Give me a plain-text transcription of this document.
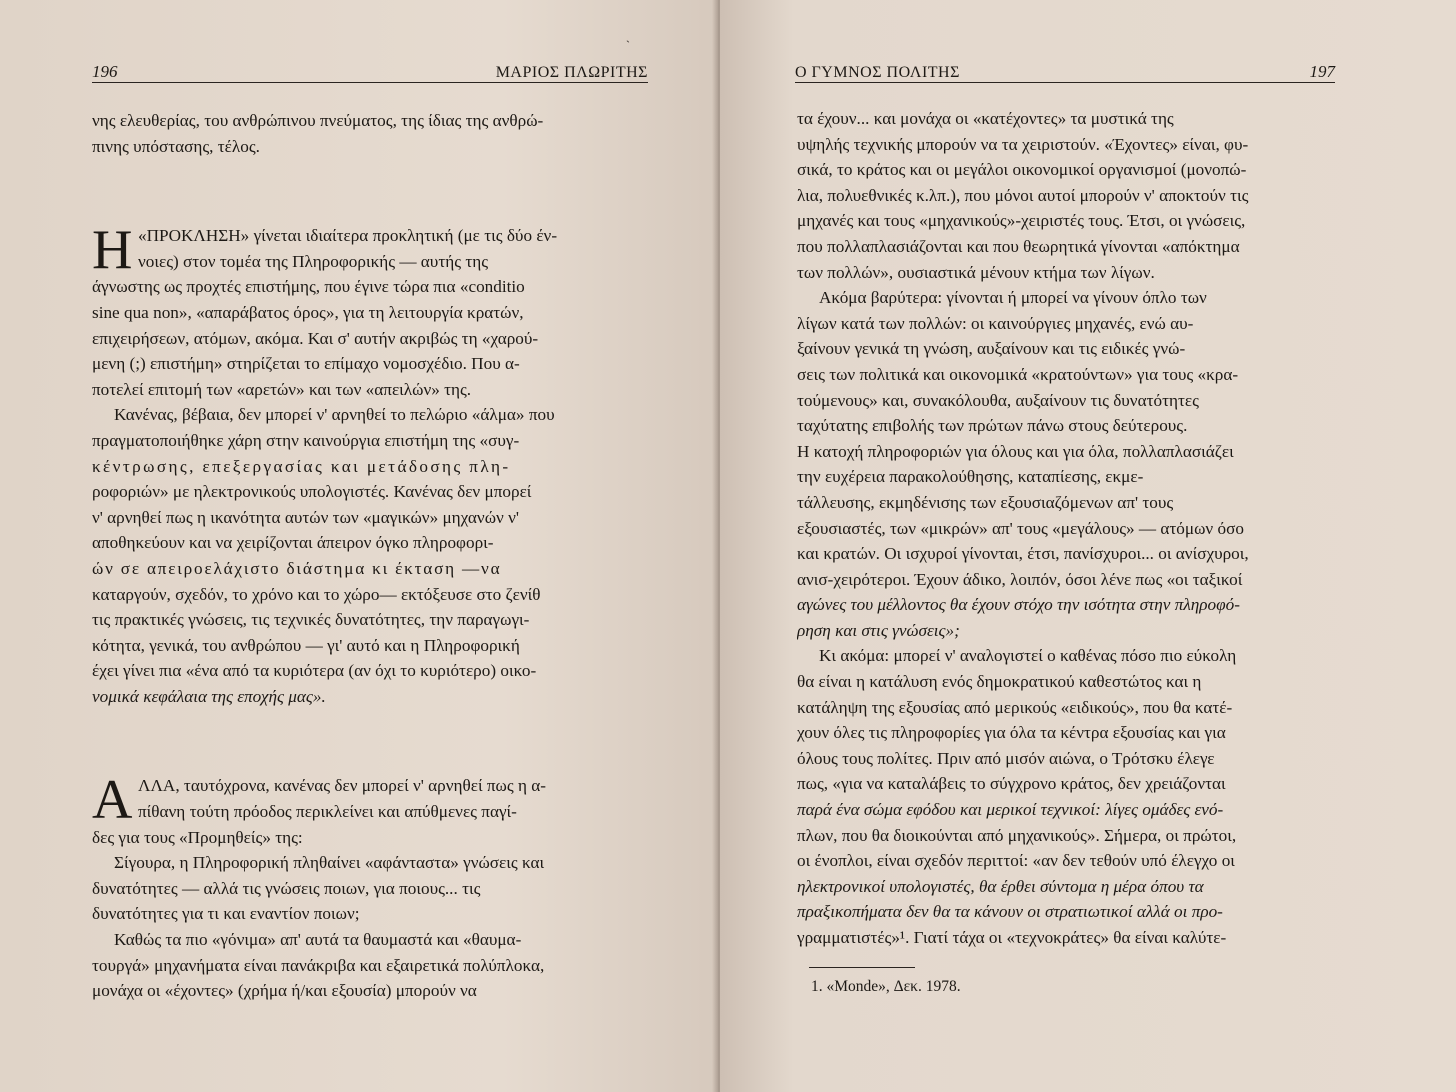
ˋ
196	ΜΑΡΙΟΣ ΠΛΩΡΙΤΗΣ
νης ελευθερίας, του ανθρώπινου πνεύματος, της ίδιας της ανθρώ-
πινης υπόστασης, τέλος.
Η «ΠΡΟΚΛΗΣΗ» γίνεται ιδιαίτερα προκλητική (με τις δύο έν-
νοιες) στον τομέα της Πληροφορικής — αυτής της
άγνωστης ως προχτές επιστήμης, που έγινε τώρα πια «conditio
sine qua non», «απαράβατος όρος», για τη λειτουργία κρατών,
επιχειρήσεων, ατόμων, ακόμα. Και σ' αυτήν ακριβώς τη «χαρού-
μενη (;) επιστήμη» στηρίζεται το επίμαχο νομοσχέδιο. Που α-
ποτελεί επιτομή των «αρετών» και των «απειλών» της.
Κανένας, βέβαια, δεν μπορεί ν' αρνηθεί το πελώριο «άλμα» που
πραγματοποιήθηκε χάρη στην καινούργια επιστήμη της «συγ-
κέντρωσης, επεξεργασίας και μετάδοσης πλη-
ροφοριών» με ηλεκτρονικούς υπολογιστές. Κανένας δεν μπορεί
ν' αρνηθεί πως η ικανότητα αυτών των «μαγικών» μηχανών ν'
αποθηκεύουν και να χειρίζονται άπειρον όγκο πληροφορι-
ών σε απειροελάχιστο διάστημα κι έκταση —να
καταργούν, σχεδόν, το χρόνο και το χώρο— εκτόξευσε στο ζενίθ
τις πρακτικές γνώσεις, τις τεχνικές δυνατότητες, την παραγωγι-
κότητα, γενικά, του ανθρώπου — γι' αυτό και η Πληροφορική
έχει γίνει πια «ένα από τα κυριότερα (αν όχι το κυριότερο) οικο-
νομικά κεφάλαια της εποχής μας».
Α ΛΛΑ, ταυτόχρονα, κανένας δεν μπορεί ν' αρνηθεί πως η α-
πίθανη τούτη πρόοδος περικλείνει και απύθμενες παγί-
δες για τους «Προμηθείς» της:
Σίγουρα, η Πληροφορική πληθαίνει «αφάνταστα» γνώσεις και
δυνατότητες — αλλά τις γνώσεις ποιων, για ποιους... τις
δυνατότητες για τι και εναντίον ποιων;
Καθώς τα πιο «γόνιμα» απ' αυτά τα θαυμαστά και «θαυμα-
τουργά» μηχανήματα είναι πανάκριβα και εξαιρετικά πολύπλοκα,
μονάχα οι «έχοντες» (χρήμα ή/και εξουσία) μπορούν να
Ο ΓΥΜΝΟΣ ΠΟΛΙΤΗΣ	197
τα έχουν... και μονάχα οι «κατέχοντες» τα μυστικά της
υψηλής τεχνικής μπορούν να τα χειριστούν. «Έχοντες» είναι, φυ-
σικά, το κράτος και οι μεγάλοι οικονομικοί οργανισμοί (μονοπώ-
λια, πολυεθνικές κ.λπ.), που μόνοι αυτοί μπορούν ν' αποκτούν τις
μηχανές και τους «μηχανικούς»-χειριστές τους. Έτσι, οι γνώσεις,
που πολλαπλασιάζονται και που θεωρητικά γίνονται «απόκτημα
των πολλών», ουσιαστικά μένουν κτήμα των λίγων.
Ακόμα βαρύτερα: γίνονται ή μπορεί να γίνουν όπλο των
λίγων κατά των πολλών: οι καινούργιες μηχανές, ενώ αυ-
ξαίνουν γενικά τη γνώση, αυξαίνουν και τις ειδικές γνώ-
σεις των πολιτικά και οικονομικά «κρατούντων» για τους «κρα-
τούμενους» και, συνακόλουθα, αυξαίνουν τις δυνατότητες
ταχύτατης επιβολής των πρώτων πάνω στους δεύτερους.
Η κατοχή πληροφοριών για όλους και για όλα, πολλαπλασιάζει
την ευχέρεια παρακολούθησης, καταπίεσης, εκμε-
τάλλευσης, εκμηδένισης των εξουσιαζόμενων απ' τους
εξουσιαστές, των «μικρών» απ' τους «μεγάλους» — ατόμων όσο
και κρατών. Οι ισχυροί γίνονται, έτσι, πανίσχυροι... οι ανίσχυροι,
ανισ-χειρότεροι. Έχουν άδικο, λοιπόν, όσοι λένε πως «οι ταξικοί
αγώνες του μέλλοντος θα έχουν στόχο την ισότητα στην πληροφό-
ρηση και στις γνώσεις»;
Κι ακόμα: μπορεί ν' αναλογιστεί ο καθένας πόσο πιο εύκολη
θα είναι η κατάλυση ενός δημοκρατικού καθεστώτος και η
κατάληψη της εξουσίας από μερικούς «ειδικούς», που θα κατέ-
χουν όλες τις πληροφορίες για όλα τα κέντρα εξουσίας και για
όλους τους πολίτες. Πριν από μισόν αιώνα, ο Τρότσκυ έλεγε
πως, «για να καταλάβεις το σύγχρονο κράτος, δεν χρειάζονται
παρά ένα σώμα εφόδου και μερικοί τεχνικοί: λίγες ομάδες ενό-
πλων, που θα διοικούνται από μηχανικούς». Σήμερα, οι πρώτοι,
οι ένοπλοι, είναι σχεδόν περιττοί: «αν δεν τεθούν υπό έλεγχο οι
ηλεκτρονικοί υπολογιστές, θα έρθει σύντομα η μέρα όπου τα
πραξικοπήματα δεν θα τα κάνουν οι στρατιωτικοί αλλά οι προ-
γραμματιστές»¹. Γιατί τάχα οι «τεχνοκράτες» θα είναι καλύτε-
1. «Monde», Δεκ. 1978.
